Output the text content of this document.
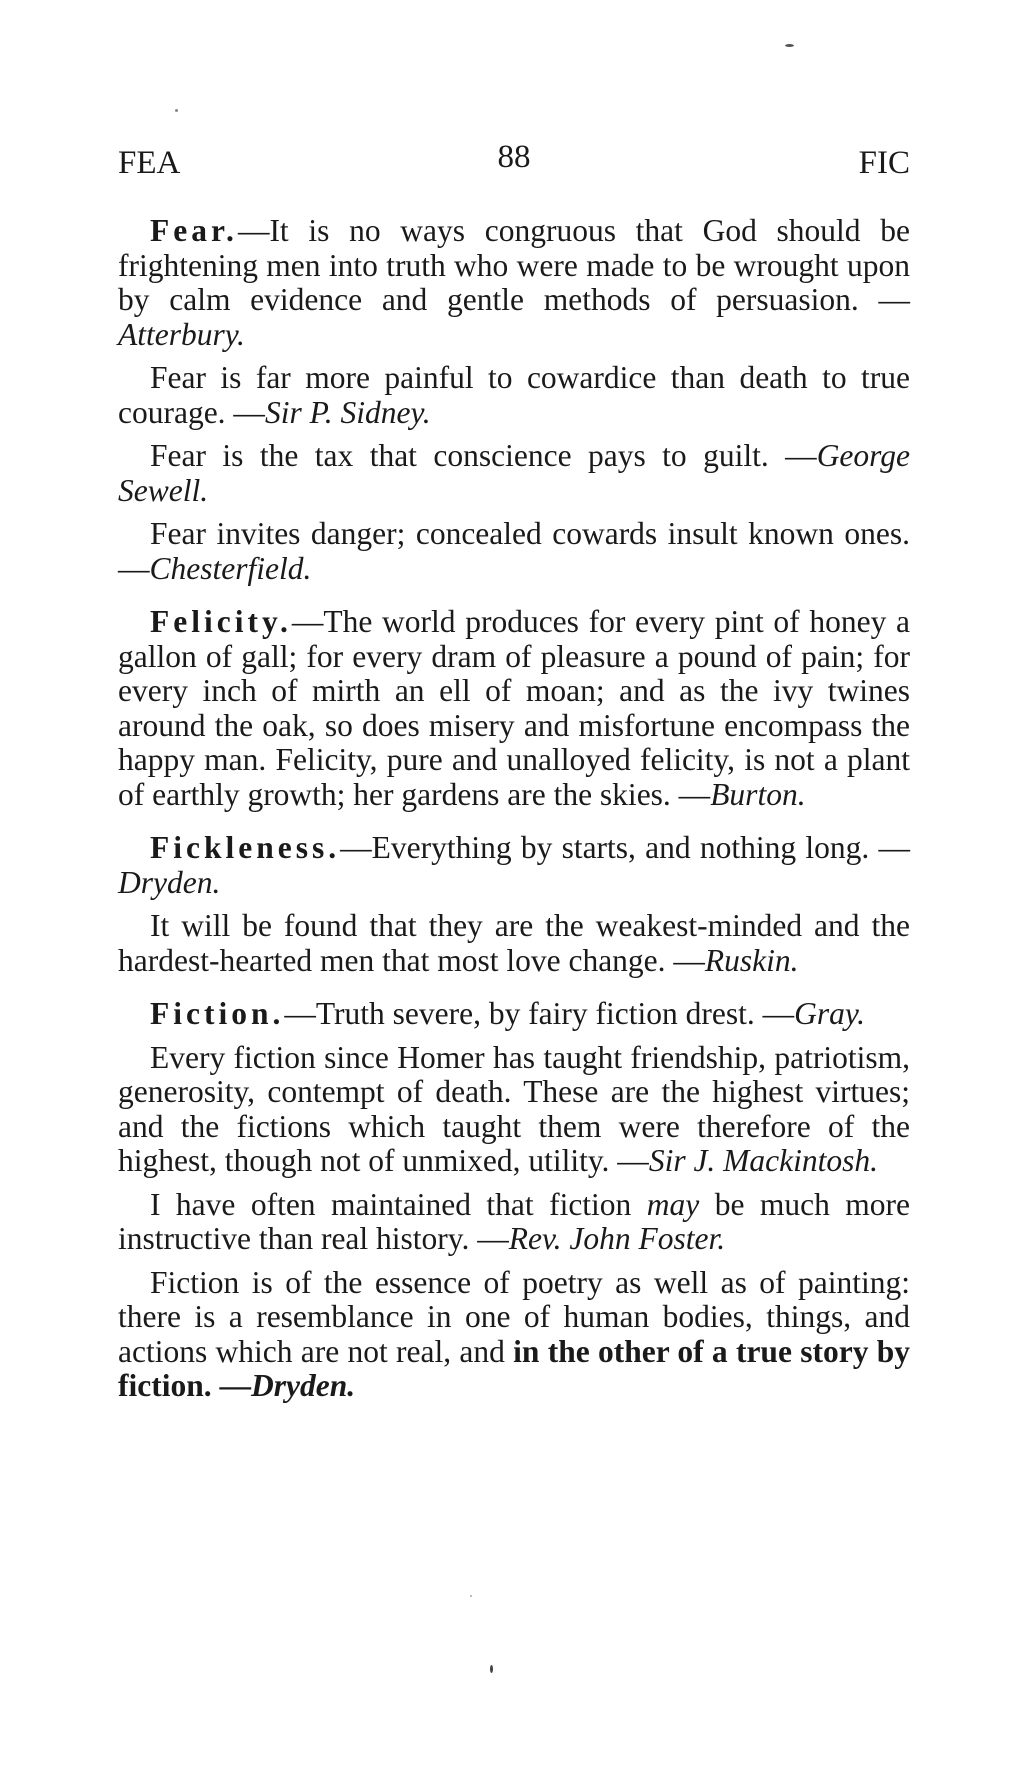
FEA	88	FIC

Fear.—It is no ways congruous that God should be frightening men into truth who were made to be wrought upon by calm evidence and gentle methods of persuasion. —Atterbury.

Fear is far more painful to cowardice than death to true courage. —Sir P. Sidney.

Fear is the tax that conscience pays to guilt. —George Sewell.

Fear invites danger; concealed cowards insult known ones. —Chesterfield.

Felicity.—The world produces for every pint of honey a gallon of gall; for every dram of pleasure a pound of pain; for every inch of mirth an ell of moan; and as the ivy twines around the oak, so does misery and misfortune encompass the happy man. Felicity, pure and unalloyed felicity, is not a plant of earthly growth; her gardens are the skies. —Burton.

Fickleness.—Everything by starts, and nothing long. —Dryden.

It will be found that they are the weakest-minded and the hardest-hearted men that most love change. —Ruskin.

Fiction.—Truth severe, by fairy fiction drest. —Gray.

Every fiction since Homer has taught friendship, patriotism, generosity, contempt of death. These are the highest virtues; and the fictions which taught them were therefore of the highest, though not of unmixed, utility. —Sir J. Mackintosh.

I have often maintained that fiction may be much more instructive than real history. —Rev. John Foster.

Fiction is of the essence of poetry as well as of painting: there is a resemblance in one of human bodies, things, and actions which are not real, and in the other of a true story by fiction. —Dryden.
